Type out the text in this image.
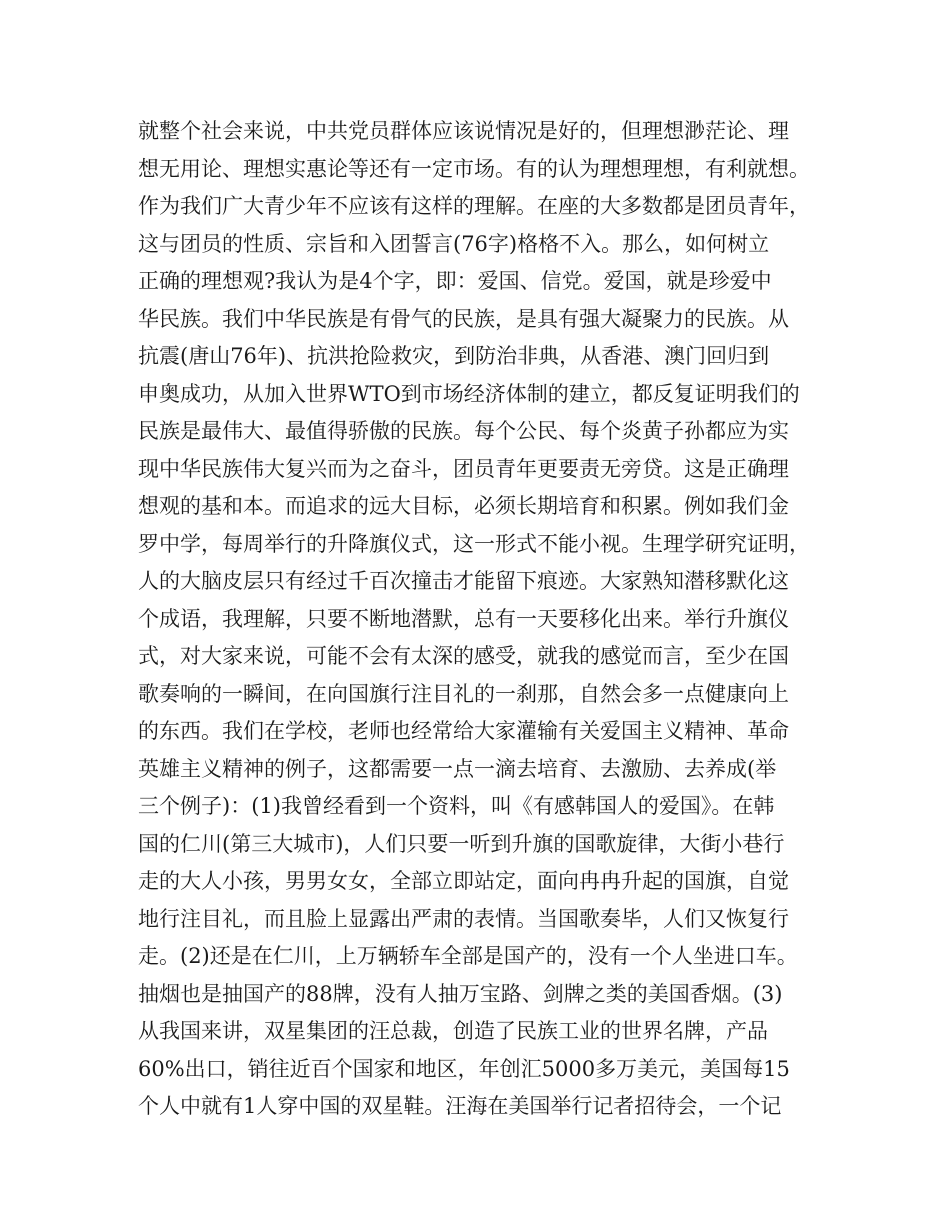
就整个社会来说，中共党员群体应该说情况是好的，但理想渺茫论、理
想无用论、理想实惠论等还有一定市场。有的认为理想理想，有利就想。
作为我们广大青少年不应该有这样的理解。在座的大多数都是团员青年，
这与团员的性质、宗旨和入团誓言(76字)格格不入。那么，如何树立
正确的理想观?我认为是4个字，即：爱国、信党。爱国，就是珍爱中
华民族。我们中华民族是有骨气的民族，是具有强大凝聚力的民族。从
抗震(唐山76年)、抗洪抢险救灾，到防治非典，从香港、澳门回归到
申奥成功，从加入世界WTO到市场经济体制的建立，都反复证明我们的
民族是最伟大、最值得骄傲的民族。每个公民、每个炎黄子孙都应为实
现中华民族伟大复兴而为之奋斗，团员青年更要责无旁贷。这是正确理
想观的基和本。而追求的远大目标，必须长期培育和积累。例如我们金
罗中学，每周举行的升降旗仪式，这一形式不能小视。生理学研究证明，
人的大脑皮层只有经过千百次撞击才能留下痕迹。大家熟知潜移默化这
个成语，我理解，只要不断地潜默，总有一天要移化出来。举行升旗仪
式，对大家来说，可能不会有太深的感受，就我的感觉而言，至少在国
歌奏响的一瞬间，在向国旗行注目礼的一刹那，自然会多一点健康向上
的东西。我们在学校，老师也经常给大家灌输有关爱国主义精神、革命
英雄主义精神的例子，这都需要一点一滴去培育、去激励、去养成(举
三个例子)：(1)我曾经看到一个资料，叫《有感韩国人的爱国》。在韩
国的仁川(第三大城市)，人们只要一听到升旗的国歌旋律，大街小巷行
走的大人小孩，男男女女，全部立即站定，面向冉冉升起的国旗，自觉
地行注目礼，而且脸上显露出严肃的表情。当国歌奏毕，人们又恢复行
走。(2)还是在仁川，上万辆轿车全部是国产的，没有一个人坐进口车。
抽烟也是抽国产的88牌，没有人抽万宝路、剑牌之类的美国香烟。(3)
从我国来讲，双星集团的汪总裁，创造了民族工业的世界名牌，产品
60%出口，销往近百个国家和地区，年创汇5000多万美元，美国每15
个人中就有1人穿中国的双星鞋。汪海在美国举行记者招待会，一个记
